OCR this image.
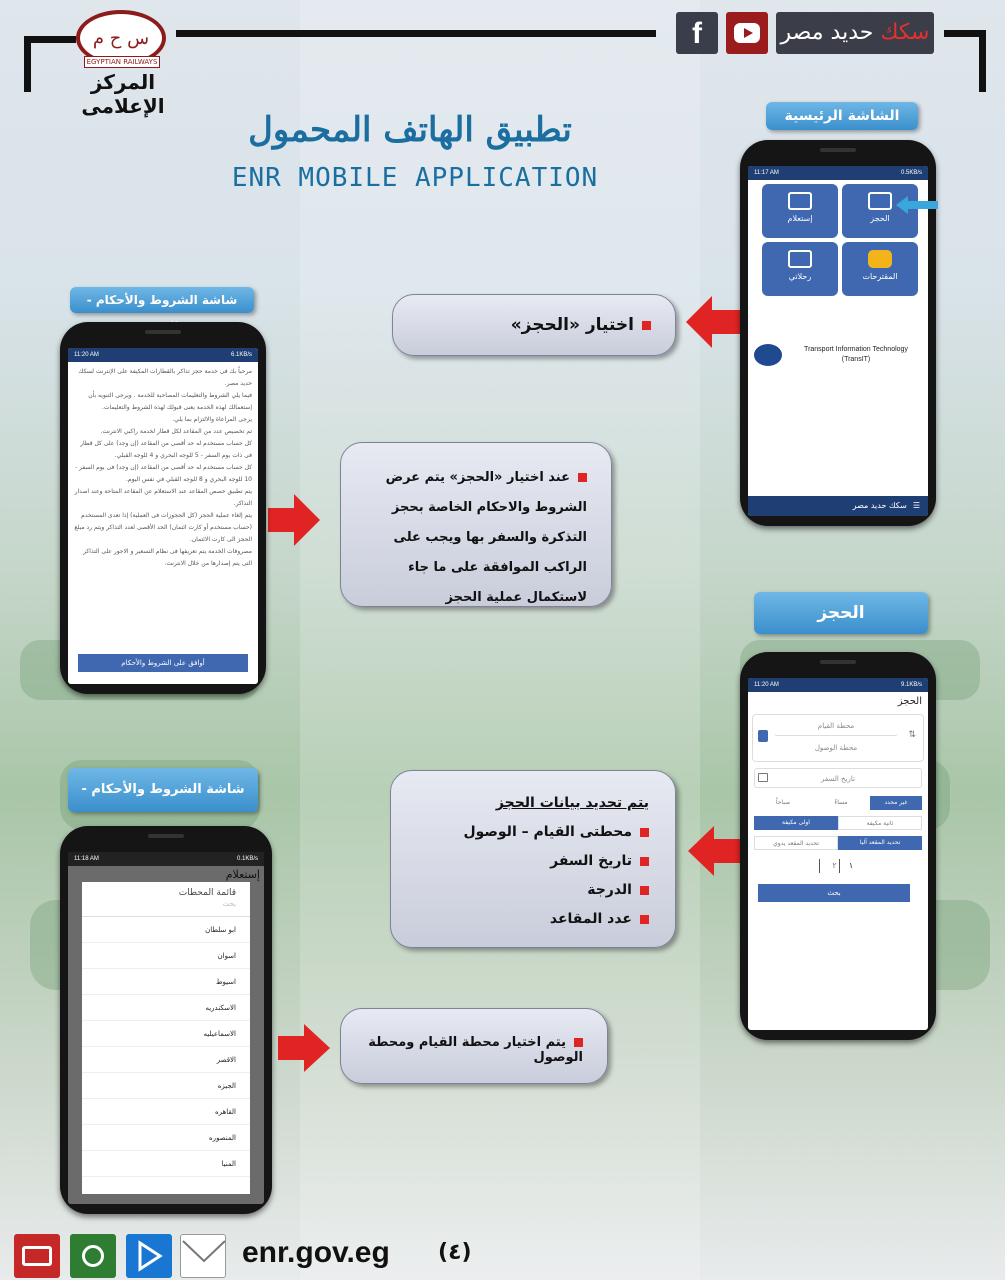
س ح م
EGYPTIAN RAILWAYS
المركز الإعلامى
f	سكك حديد مصر
تطبيق الهاتف المحمول
ENR MOBILE APPLICATION
الشاشة الرئيسية
شاشة الشروط والأحكام -
الحجز
شاشة الشروط والأحكام -
اختيار «الحجز»
عند اختيار «الحجز» يتم عرض الشروط والاحكام الخاصة بحجز التذكرة والسفر بها ويجب على الراكب الموافقة على ما جاء لاستكمال عملية الحجز
يتم تحديد بيانات الحجز
محطتى القيام – الوصول
تاريخ السفر
الدرجة
عدد المقاعد
يتم اختيار محطة القيام ومحطة الوصول
11:17 AM	0.5KB/s
الحجز
إستعلام
المقترحات
رحلاتي
Transport Information Technology
(TransIT)
☰
سكك حديد مصر
11:20 AM	6.1KB/s

مرحباً بك فى خدمة حجز تذاكر بالقطارات المكيفة على الإنترنت لسكك حديد مصر.

فيما يلي الشروط والتعليمات المصاحبة للخدمة . ويرجى التنويه بأن إستعمالك لهذه الخدمة يعنى قبولك لهذه الشروط والتعليمات.

يرجى المراعاة والالتزام بما يلي.

تم تخصيص عدد من المقاعد لكل قطار لخدمة راكبي الانترنت.

كل حساب مستخدم له حد أقصى من المقاعد (إن وجد) على كل قطار فى ذات يوم السفر - 5 للوجه البحري و 4 للوجه القبلي.

كل حساب مستخدم له حد أقصى من المقاعد (إن وجد) فى يوم السفر - 10 للوجه البحري و 8 للوجه القبلي في نفس اليوم.

يتم تطبيق حصص المقاعد عند الاستعلام عن المقاعد المتاحة وعند اصدار التذاكر.

يتم إلغاء عملية الحجز (كل الحجوزات فى العملية) إذا تعدى المستخدم (حساب مستخدم أو كارت ائتمان) الحد الأقصى لعدد التذاكر ويتم رد مبلغ الحجز الى كارت الائتمان.

مصروفات الخدمة يتم تعريفها فى نظام التسعير و الاجور على التذاكر التى يتم إصدارها من خلال الانترنت.

أوافق على الشروط والأحكام
11:20 AM	9.1KB/s
الحجز
⇅
محطة القيام
محطة الوصول
تاريخ السفر
غير محدد
مساءً
صباحاً
ثانية مكيفة
اولى مكيفة
تحديد المقعد آليا
تحديد المقعد يدوي
١  ٢
بحث
11:18 AM	0.1KB/s
إستعلام
قائمة المحطات
بحث
ابو سلطان
اسوان
اسيوط
الاسكندريه
الاسماعيليه
الاقصر
الجيزه
القاهره
المنصوره
المنيا
enr.gov.eg (٤)
